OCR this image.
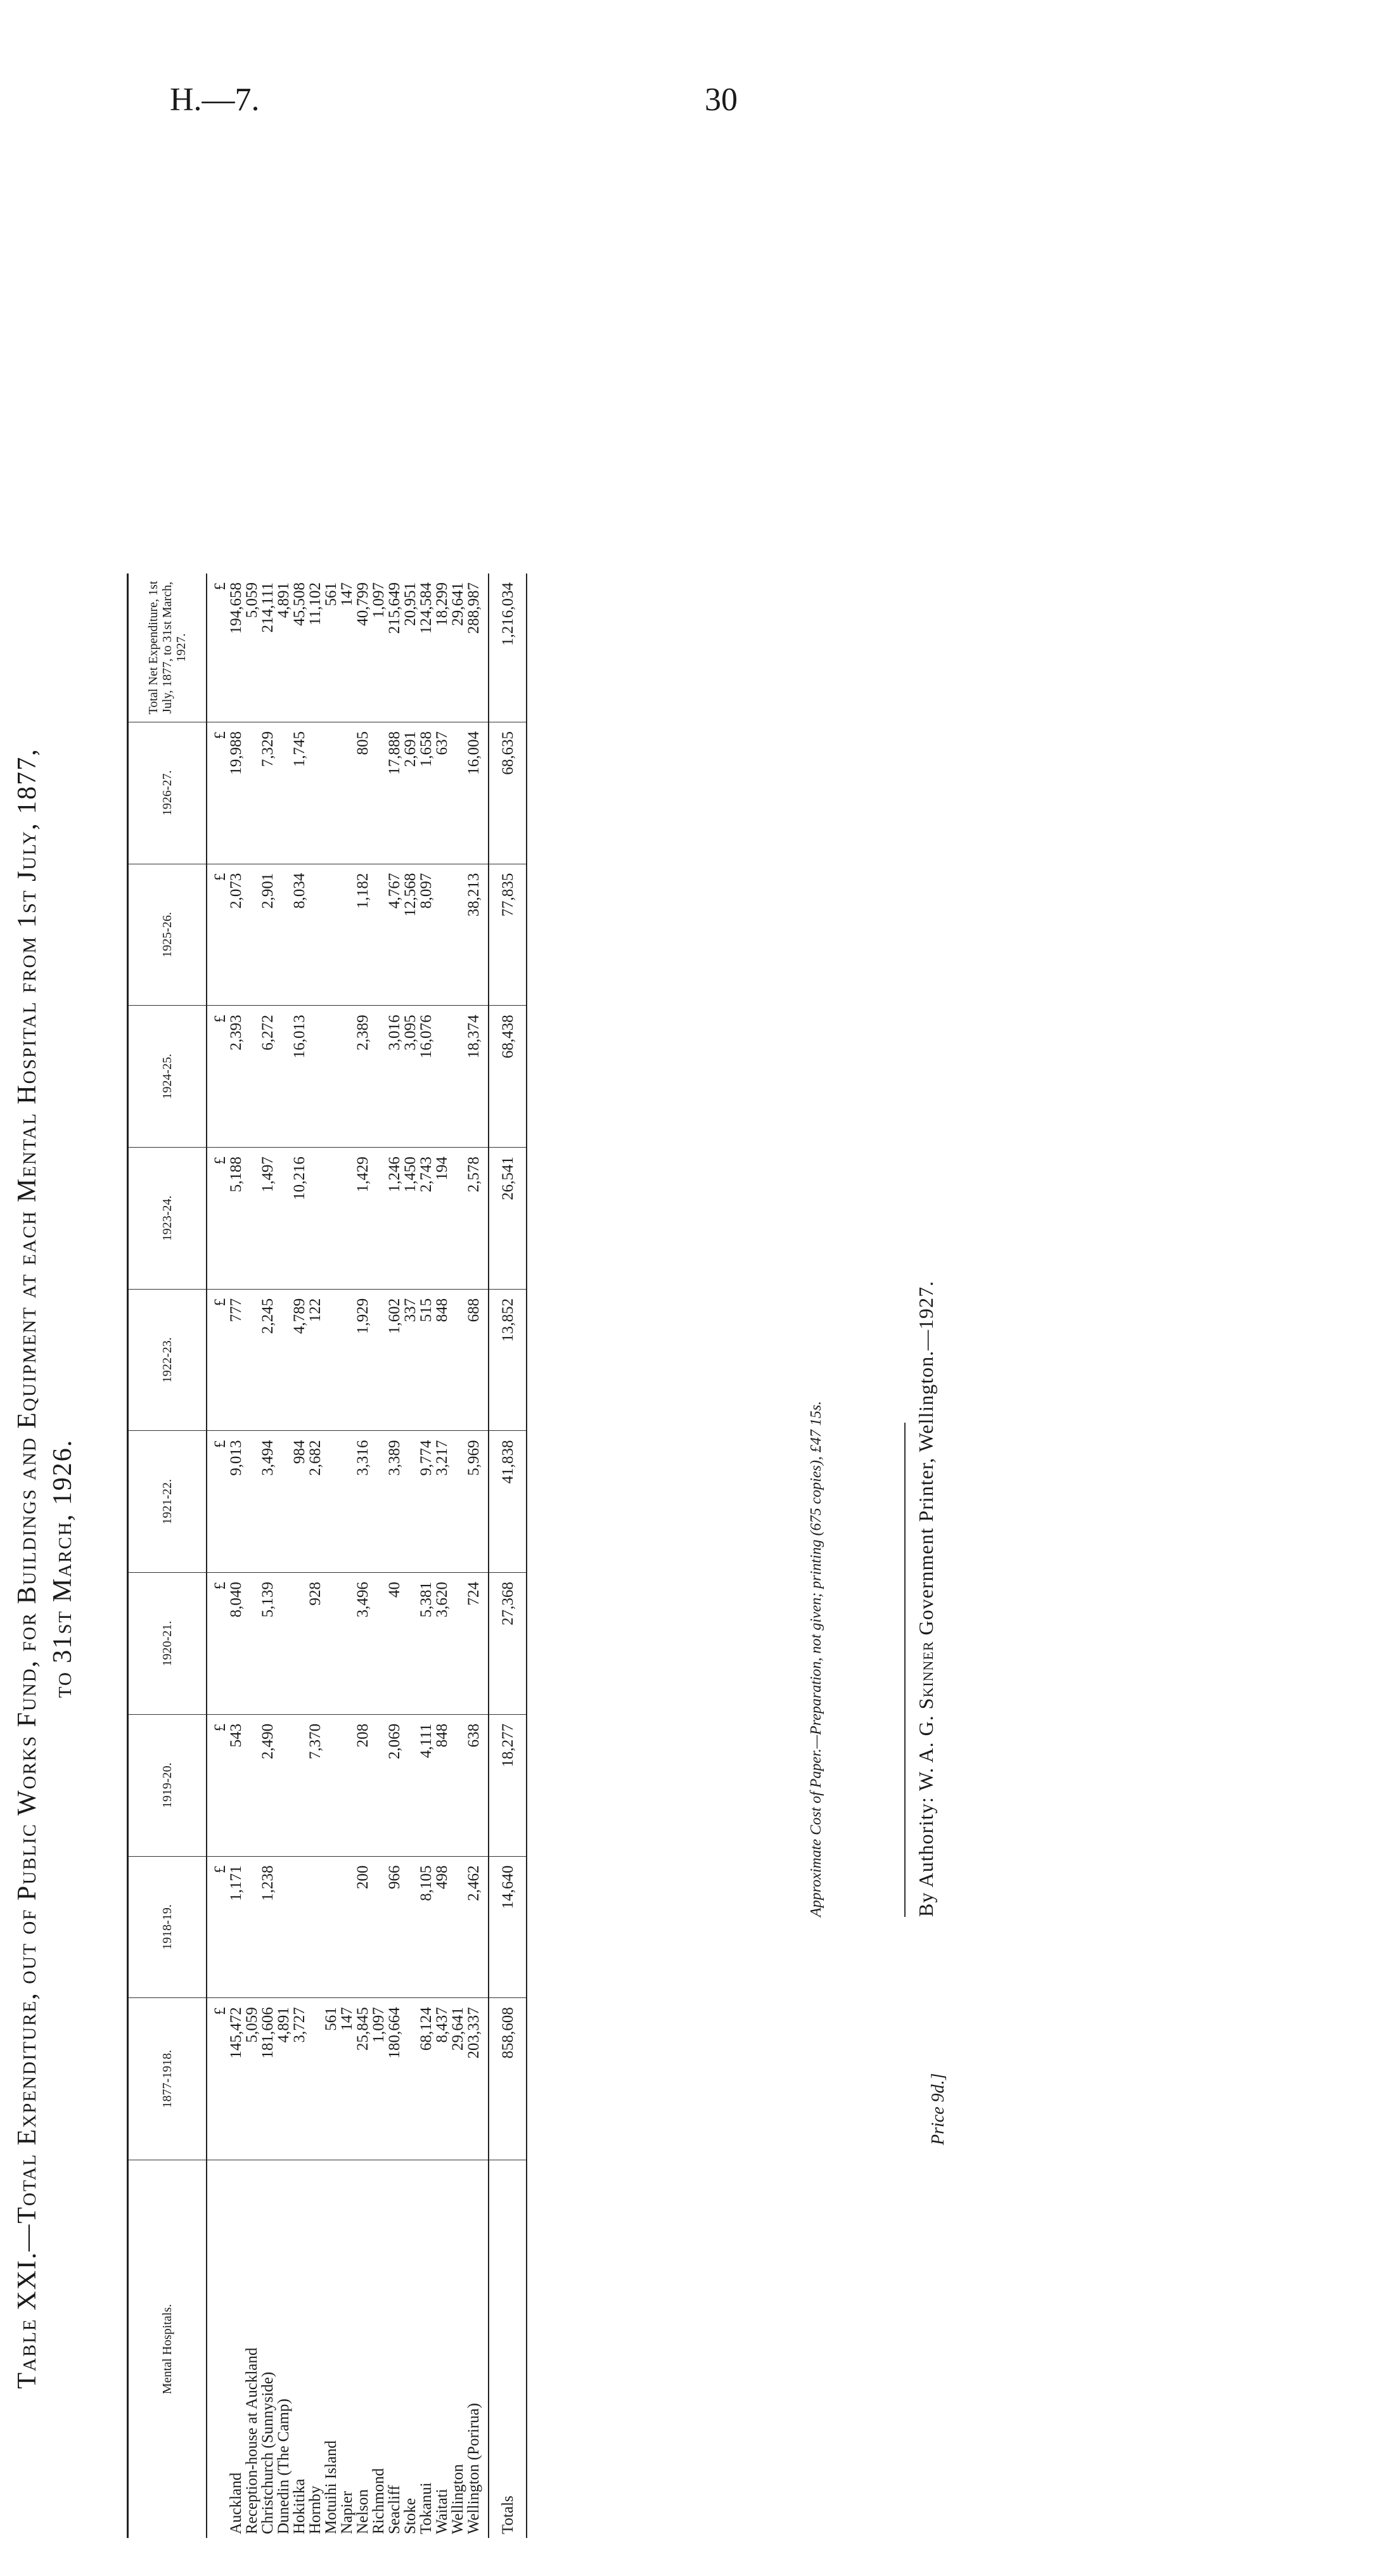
H.—7.	30
Table XXI.—Total Expenditure, out of Public Works Fund, for Buildings and Equipment at each Mental Hospital from 1st July, 1877, to 31st March, 1926.
Mental Hospitals.	1877-1918.	1918-19.	1919-20.	1920-21.	1921-22.	1922-23.	1923-24.	1924-25.	1925-26.	1926-27.	Total Net Expenditure, 1st July, 1877, to 31st March, 1927.
	£	£	£	£	£	£	£	£	£	£	£
Auckland	145,472	1,171	543	8,040	9,013	777	5,188	2,393	2,073	19,988	194,658
Reception-house at Auckland	5,059										5,059
Christchurch (Sunnyside)	181,606	1,238	2,490	5,139	3,494	2,245	1,497	6,272	2,901	7,329	214,111
Dunedin (The Camp)	4,891										4,891
Hokitika	3,727				984	4,789	10,216	16,013	8,034	1,745	45,508
Hornby			7,370	928	2,682	122					11,102
Motuihi Island	561										561
Napier	147										147
Nelson	25,845	200	208	3,496	3,316	1,929	1,429	2,389	1,182	805	40,799
Richmond	1,097										1,097
Seacliff	180,664	966	2,069	40	3,389	1,602	1,246	3,016	4,767	17,888	215,649
Stoke						337	1,450	3,095	12,568	2,691	20,951
Tokanui	68,124	8,105	4,111	5,381	9,774	515	2,743	16,076	8,097	1,658	124,584
Waitati	8,437	498	848	3,620	3,217	848	194			637	18,299
Wellington	29,641										29,641
Wellington (Porirua)	203,337	2,462	638	724	5,969	688	2,578	18,374	38,213	16,004	288,987
Totals	858,608	14,640	18,277	27,368	41,838	13,852	26,541	68,438	77,835	68,635	1,216,034
Approximate Cost of Paper.—Preparation, not given; printing (675 copies), £47 15s.
By Authority: W. A. G. Skinner Government Printer, Wellington.—1927.
Price 9d.]
